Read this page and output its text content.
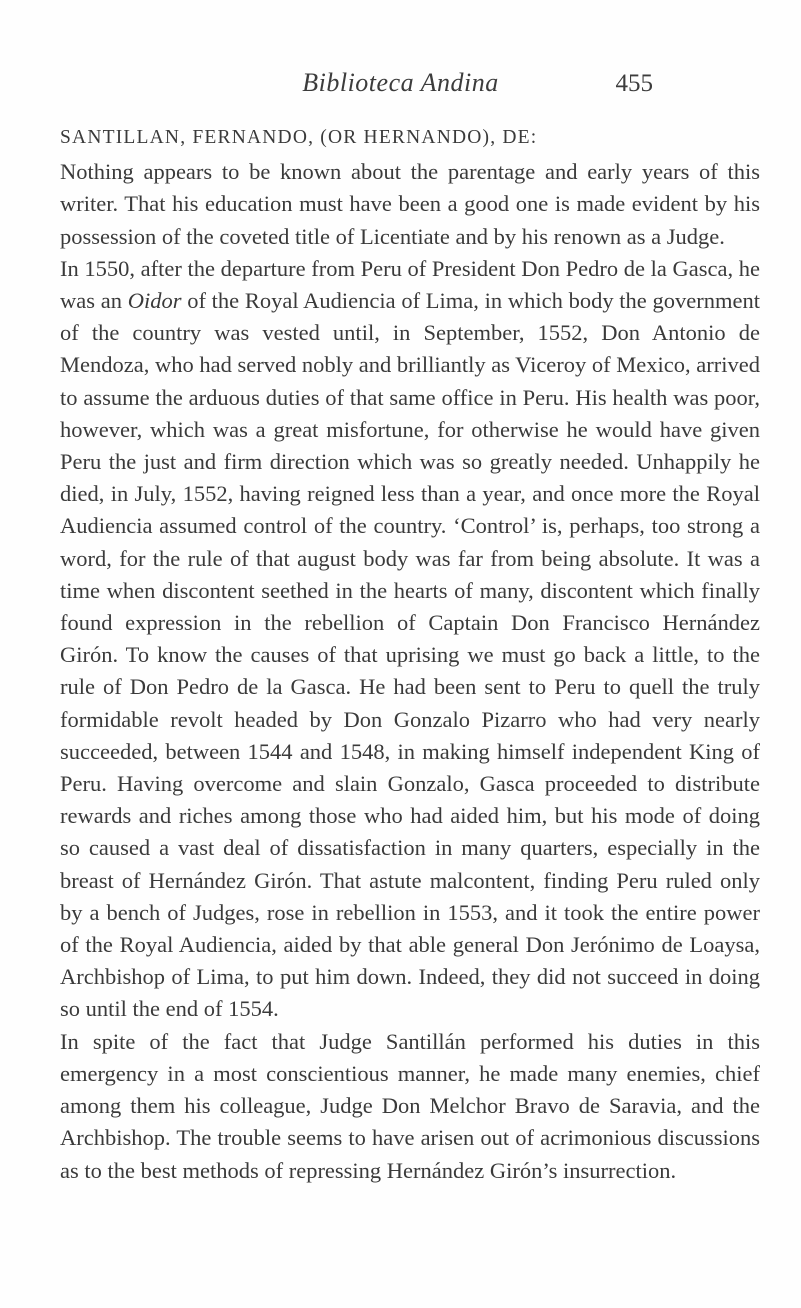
Biblioteca Andina	455

SANTILLAN, FERNANDO, (OR HERNANDO), DE:

Nothing appears to be known about the parentage and early years of this writer. That his education must have been a good one is made evident by his possession of the coveted title of Licentiate and by his renown as a Judge.

In 1550, after the departure from Peru of President Don Pedro de la Gasca, he was an Oidor of the Royal Audiencia of Lima, in which body the government of the country was vested until, in September, 1552, Don Antonio de Mendoza, who had served nobly and brilliantly as Viceroy of Mexico, arrived to assume the arduous duties of that same office in Peru. His health was poor, however, which was a great misfortune, for otherwise he would have given Peru the just and firm direction which was so greatly needed. Unhappily he died, in July, 1552, having reigned less than a year, and once more the Royal Audiencia assumed control of the country. ‘Control’ is, perhaps, too strong a word, for the rule of that august body was far from being absolute. It was a time when discontent seethed in the hearts of many, discontent which finally found expression in the rebellion of Captain Don Francisco Hernández Girón. To know the causes of that uprising we must go back a little, to the rule of Don Pedro de la Gasca. He had been sent to Peru to quell the truly formidable revolt headed by Don Gonzalo Pizarro who had very nearly succeeded, between 1544 and 1548, in making himself independent King of Peru. Having overcome and slain Gonzalo, Gasca proceeded to distribute rewards and riches among those who had aided him, but his mode of doing so caused a vast deal of dissatisfaction in many quarters, especially in the breast of Hernández Girón. That astute malcontent, finding Peru ruled only by a bench of Judges, rose in rebellion in 1553, and it took the entire power of the Royal Audiencia, aided by that able general Don Jerónimo de Loaysa, Archbishop of Lima, to put him down. Indeed, they did not succeed in doing so until the end of 1554.

In spite of the fact that Judge Santillán performed his duties in this emergency in a most conscientious manner, he made many enemies, chief among them his colleague, Judge Don Melchor Bravo de Saravia, and the Archbishop. The trouble seems to have arisen out of acrimonious discussions as to the best methods of repressing Hernández Girón’s insurrection.
